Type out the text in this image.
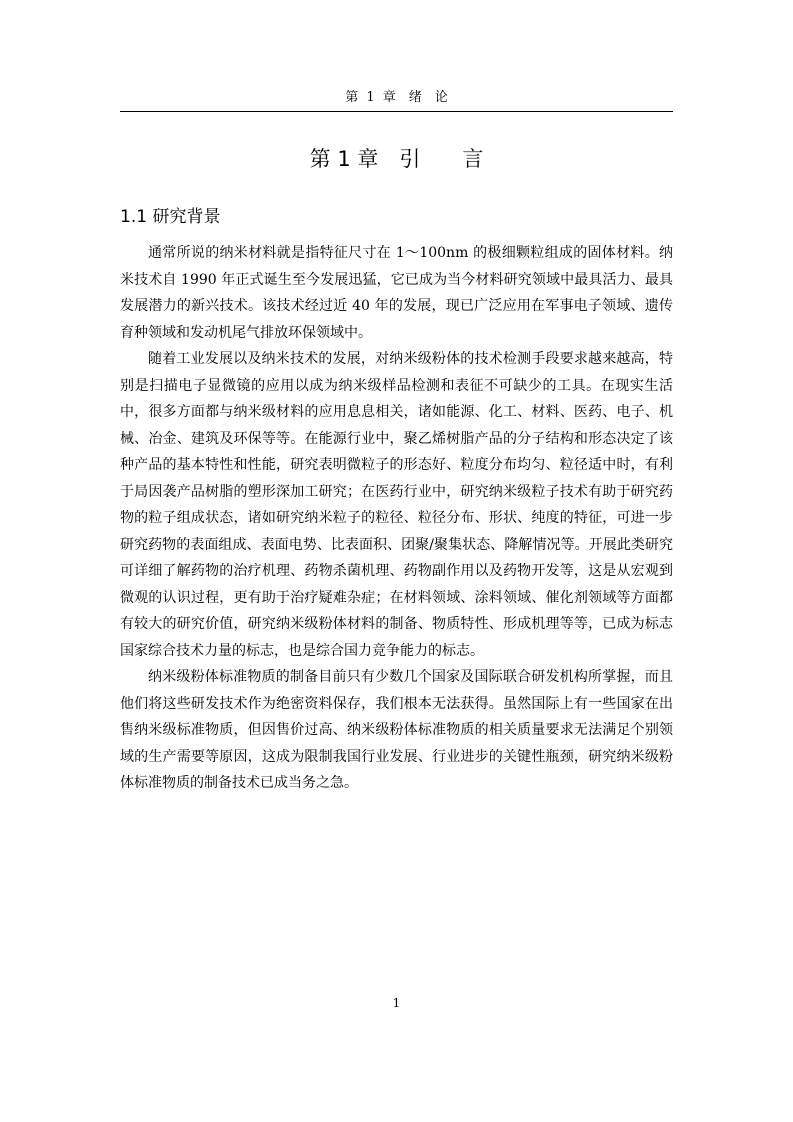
第 1 章　绪　论
第 1 章　引　　言
1.1 研究背景

通常所说的纳米材料就是指特征尺寸在 1～100nm 的极细颗粒组成的固体材料。纳米技术自 1990 年正式诞生至今发展迅猛，它已成为当今材料研究领域中最具活力、最具发展潜力的新兴技术。该技术经过近 40 年的发展，现已广泛应用在军事电子领域、遗传育种领域和发动机尾气排放环保领域中。

随着工业发展以及纳米技术的发展，对纳米级粉体的技术检测手段要求越来越高，特别是扫描电子显微镜的应用以成为纳米级样品检测和表征不可缺少的工具。在现实生活中，很多方面都与纳米级材料的应用息息相关，诸如能源、化工、材料、医药、电子、机械、冶金、建筑及环保等等。在能源行业中，聚乙烯树脂产品的分子结构和形态决定了该种产品的基本特性和性能，研究表明微粒子的形态好、粒度分布均匀、粒径适中时，有利于局因袭产品树脂的塑形深加工研究；在医药行业中，研究纳米级粒子技术有助于研究药物的粒子组成状态，诸如研究纳米粒子的粒径、粒径分布、形状、纯度的特征，可进一步研究药物的表面组成、表面电势、比表面积、团聚/聚集状态、降解情况等。开展此类研究可详细了解药物的治疗机理、药物杀菌机理、药物副作用以及药物开发等，这是从宏观到微观的认识过程，更有助于治疗疑难杂症；在材料领域、涂料领域、催化剂领域等方面都有较大的研究价值，研究纳米级粉体材料的制备、物质特性、形成机理等等，已成为标志国家综合技术力量的标志，也是综合国力竞争能力的标志。

纳米级粉体标准物质的制备目前只有少数几个国家及国际联合研发机构所掌握，而且他们将这些研发技术作为绝密资料保存，我们根本无法获得。虽然国际上有一些国家在出售纳米级标准物质，但因售价过高、纳米级粉体标准物质的相关质量要求无法满足个别领域的生产需要等原因，这成为限制我国行业发展、行业进步的关键性瓶颈，研究纳米级粉体标准物质的制备技术已成当务之急。

1
